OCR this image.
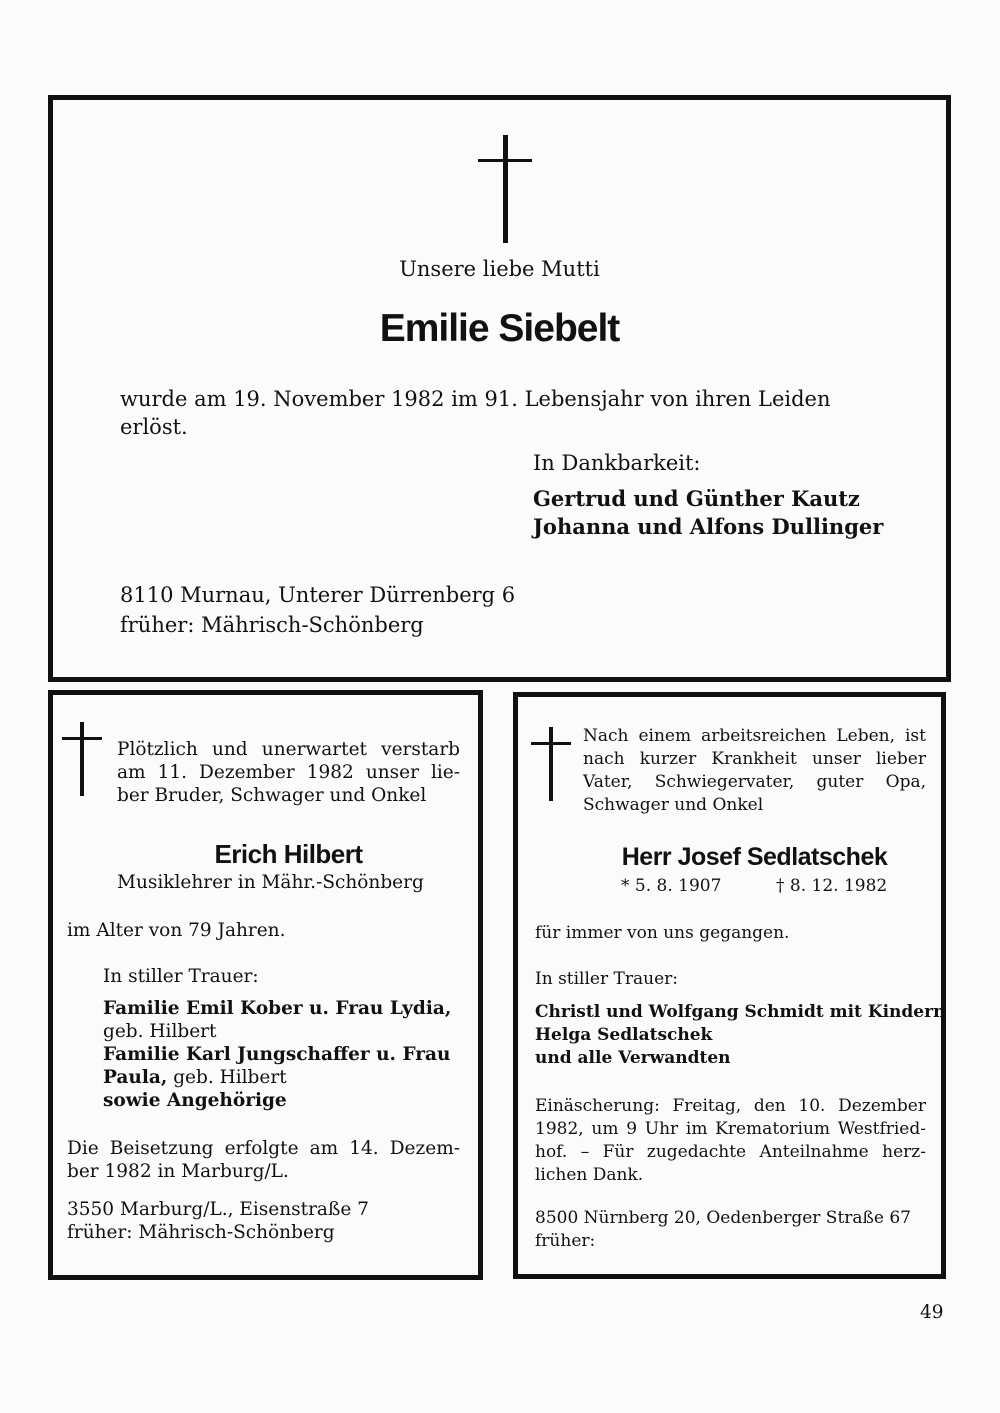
Unsere liebe Mutti
Emilie Siebelt
wurde am 19. November 1982 im 91. Lebensjahr von ihren Leiden
erlöst.
In Dankbarkeit:
Gertrud und Günther Kautz
Johanna und Alfons Dullinger
8110 Murnau, Unterer Dürrenberg 6
früher: Mährisch-Schönberg
Plötzlich und unerwartet verstarb
am 11. Dezember 1982 unser lie-
ber Bruder, Schwager und Onkel
Erich Hilbert
Musiklehrer in Mähr.-Schönberg
im Alter von 79 Jahren.
In stiller Trauer:
Familie Emil Kober u. Frau Lydia,
geb. Hilbert
Familie Karl Jungschaffer u. Frau
Paula, geb. Hilbert
sowie Angehörige
Die Beisetzung erfolgte am 14. Dezem-
ber 1982 in Marburg/L.
3550 Marburg/L., Eisenstraße 7
früher: Mährisch-Schönberg
Nach einem arbeitsreichen Leben, ist
nach kurzer Krankheit unser lieber
Vater, Schwiegervater, guter Opa,
Schwager und Onkel
Herr Josef Sedlatschek
* 5. 8. 1907	† 8. 12. 1982
für immer von uns gegangen.
In stiller Trauer:
Christl und Wolfgang Schmidt mit Kindern
Helga Sedlatschek
und alle Verwandten
Einäscherung: Freitag, den 10. Dezember
1982, um 9 Uhr im Krematorium Westfried-
hof. – Für zugedachte Anteilnahme herz-
lichen Dank.
8500 Nürnberg 20, Oedenberger Straße 67
früher:
49
